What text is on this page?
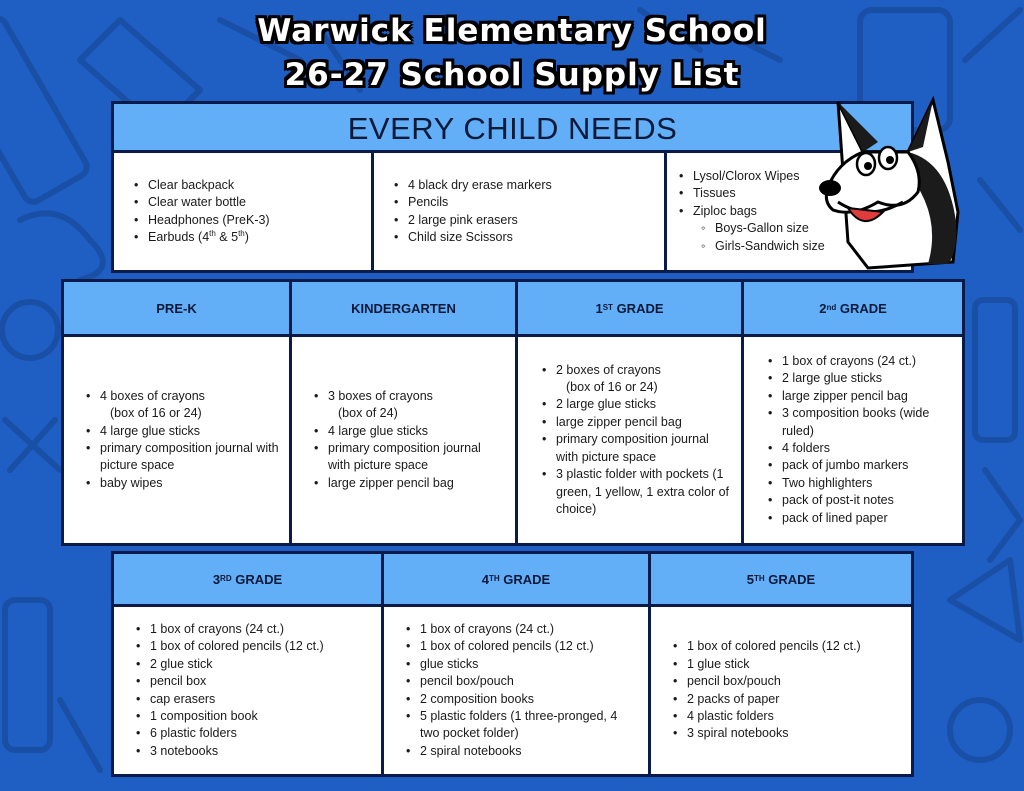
Warwick Elementary School
26-27 School Supply List
EVERY CHILD NEEDS
• Clear backpack
• Clear water bottle
• Headphones (PreK-3)
• Earbuds (4th & 5th)
• 4 black dry erase markers
• Pencils
• 2 large pink erasers
• Child size Scissors
• Lysol/Clorox Wipes
• Tissues
• Ziploc bags
◦ Boys-Gallon size
◦ Girls-Sandwich size
PRE-K
• 4 boxes of crayons
(box of 16 or 24)
• 4 large glue sticks
• primary composition journal with picture space
• baby wipes
KINDERGARTEN
• 3 boxes of crayons
(box of 24)
• 4 large glue sticks
• primary composition journal with picture space
• large zipper pencil bag
1 ST
GRADE
• 2 boxes of crayons
(box of 16 or 24)
• 2 large glue sticks
• large zipper pencil bag
• primary composition journal with picture space
• 3 plastic folder with pockets (1 green, 1 yellow, 1 extra color of choice)
2 nd
GRADE
• 1 box of crayons (24 ct.)
• 2 large glue sticks
• large zipper pencil bag
• 3 composition books (wide ruled)
• 4 folders
• pack of jumbo markers
• Two highlighters
• pack of post-it notes
• pack of lined paper
3 RD
GRADE
• 1 box of crayons (24 ct.)
• 1 box of colored pencils (12 ct.)
• 2 glue stick
• pencil box
• cap erasers
• 1 composition book
• 6 plastic folders
• 3 notebooks
4 TH
GRADE
• 1 box of crayons (24 ct.)
• 1 box of colored pencils (12 ct.)
• glue sticks
• pencil box/pouch
• 2 composition books
• 5 plastic folders (1 three-pronged, 4 two pocket folder)
• 2 spiral notebooks
5 TH
GRADE
• 1 box of colored pencils (12 ct.)
• 1 glue stick
• pencil box/pouch
• 2 packs of paper
• 4 plastic folders
• 3 spiral notebooks
